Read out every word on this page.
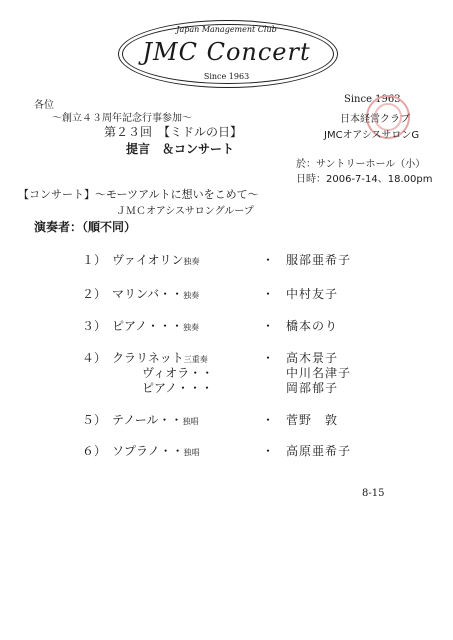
Japan Management Club
JMC Concert
Since 1963
各位
～創立４３周年記念行事参加～
Since 1963
日本経営クラブ
JMCオアシスサロンG
第２３回　【ミドルの日】
提言　＆コンサート
於：サントリーホール（小）
日時：2006-7-14、18.00pm
【コンサート】～モーツアルトに想いをこめて～
ＪＭＣオアシスサロングループ
演奏者：（順不同）
１） ヴァイオリン独奏	・ 服部亜希子
２） マリンバ・・独奏	・ 中村友子
３） ピアノ・・・独奏	・ 橋本のり
４） クラリネット三重奏	・ 高木景子
ヴィオラ・・	中川名津子
ピアノ・・・	岡部郁子
５） テノール・・独唱	・ 菅野　敦
６） ソプラノ・・独唱	・ 高原亜希子
8-15
